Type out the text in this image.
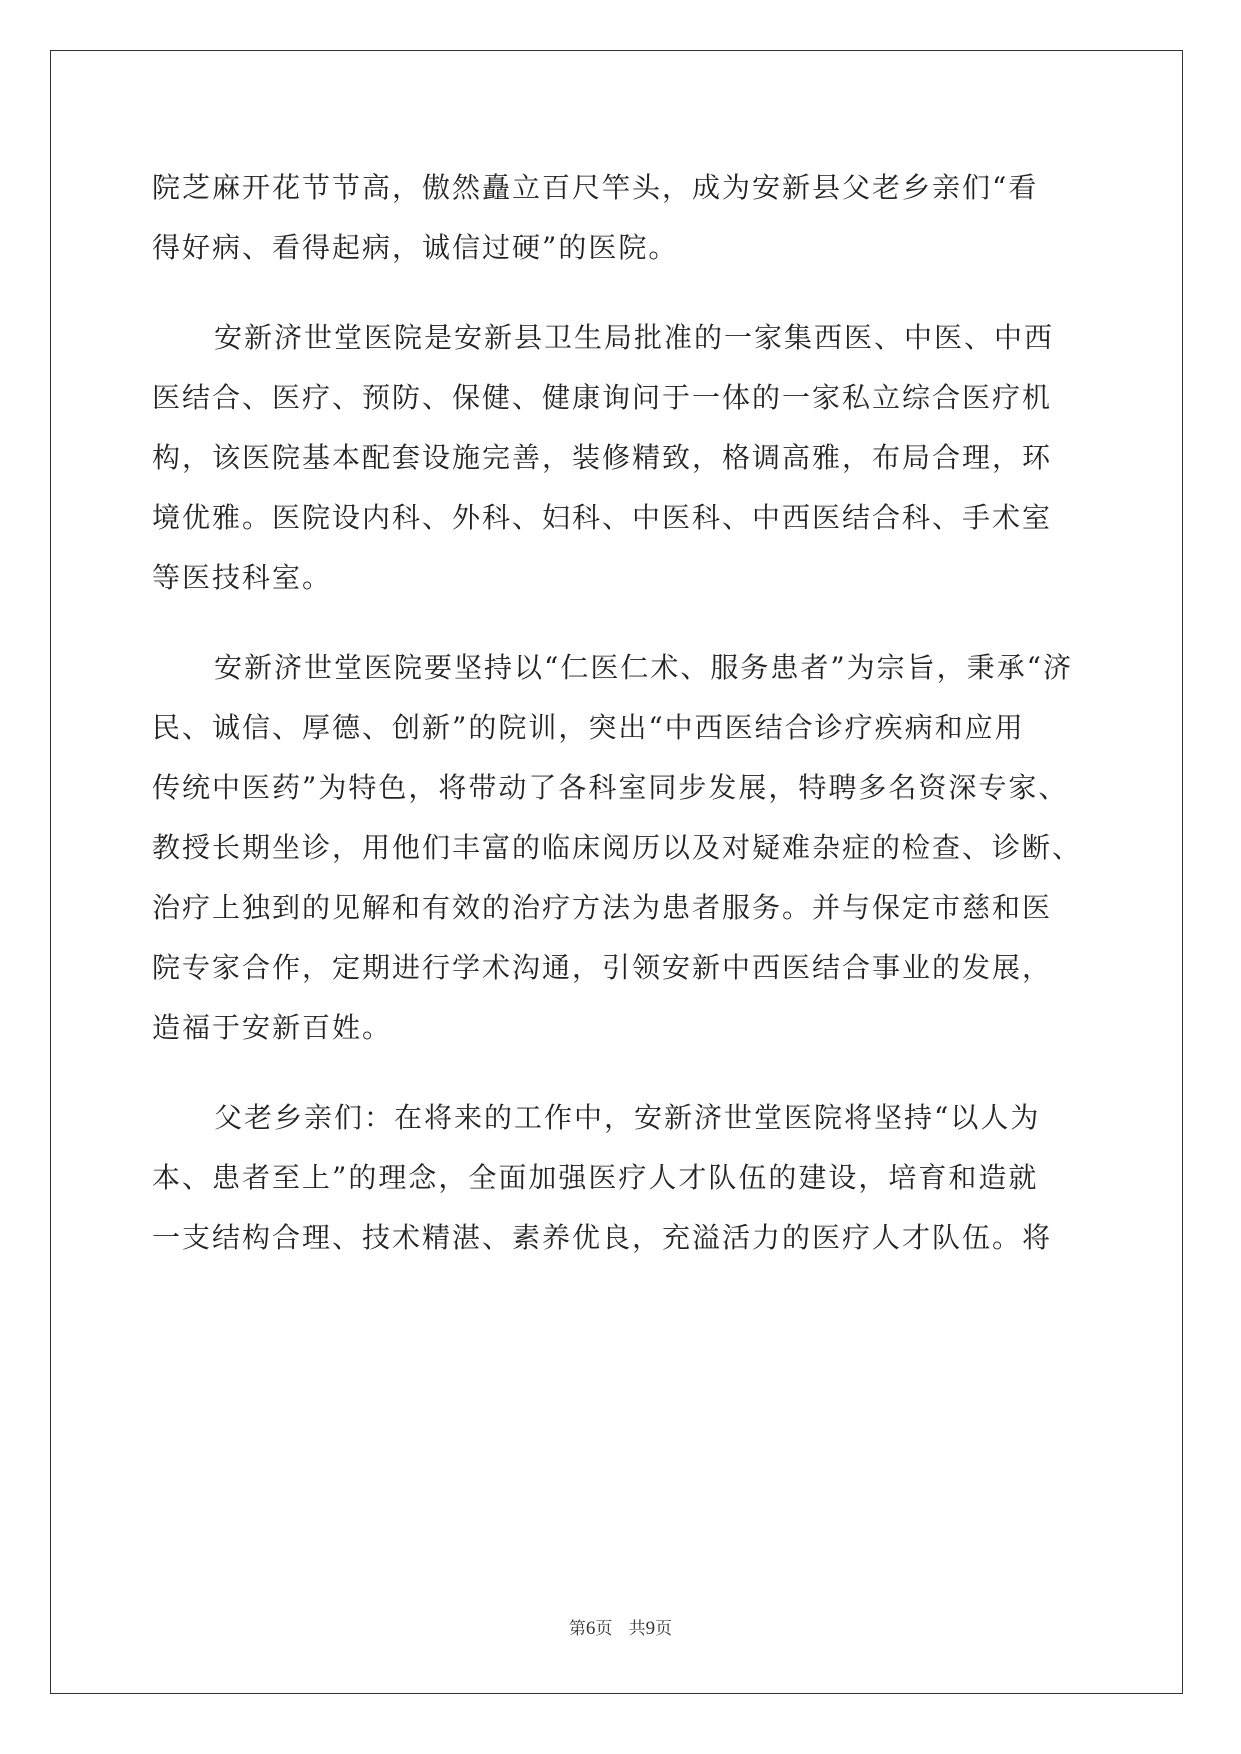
院芝麻开花节节高，傲然矗立百尺竿头，成为安新县父老乡亲们“看
得好病、看得起病，诚信过硬”的医院。
安新济世堂医院是安新县卫生局批准的一家集西医、中医、中西
医结合、医疗、预防、保健、健康询问于一体的一家私立综合医疗机
构，该医院基本配套设施完善，装修精致，格调高雅，布局合理，环
境优雅。医院设内科、外科、妇科、中医科、中西医结合科、手术室
等医技科室。
安新济世堂医院要坚持以“仁医仁术、服务患者”为宗旨，秉承“济
民、诚信、厚德、创新”的院训，突出“中西医结合诊疗疾病和应用
传统中医药”为特色，将带动了各科室同步发展，特聘多名资深专家、
教授长期坐诊，用他们丰富的临床阅历以及对疑难杂症的检查、诊断、
治疗上独到的见解和有效的治疗方法为患者服务。并与保定市慈和医
院专家合作，定期进行学术沟通，引领安新中西医结合事业的发展，
造福于安新百姓。
父老乡亲们：在将来的工作中，安新济世堂医院将坚持“以人为
本、患者至上”的理念，全面加强医疗人才队伍的建设，培育和造就
一支结构合理、技术精湛、素养优良，充溢活力的医疗人才队伍。将
第6页 共9页
